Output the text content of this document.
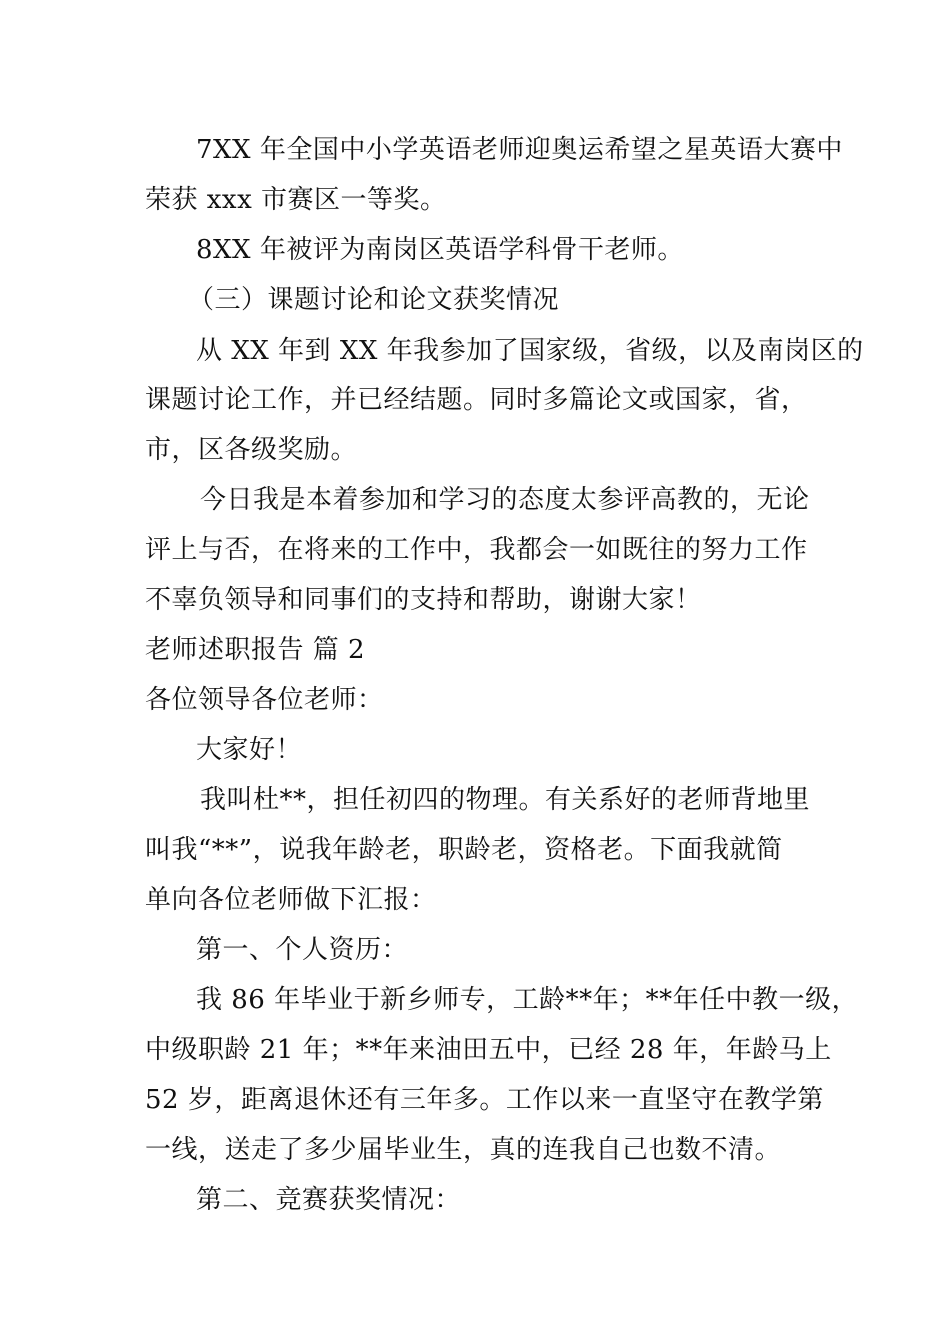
7XX 年全国中小学英语老师迎奥运希望之星英语大赛中
荣获 xxx 市赛区一等奖。
8XX 年被评为南岗区英语学科骨干老师。
（三）课题讨论和论文获奖情况
从 XX 年到 XX 年我参加了国家级，省级，以及南岗区的
课题讨论工作，并已经结题。同时多篇论文或国家，省，
市，区各级奖励。
今日我是本着参加和学习的态度太参评高教的，无论
评上与否，在将来的工作中，我都会一如既往的努力工作
不辜负领导和同事们的支持和帮助，谢谢大家！
老师述职报告 篇 2
各位领导各位老师：
大家好！
我叫杜**，担任初四的物理。有关系好的老师背地里
叫我“**”，说我年龄老，职龄老，资格老。下面我就简
单向各位老师做下汇报：
第一、个人资历：
我 86 年毕业于新乡师专，工龄**年；**年任中教一级，
中级职龄 21 年；**年来油田五中，已经 28 年，年龄马上
52 岁，距离退休还有三年多。工作以来一直坚守在教学第
一线，送走了多少届毕业生，真的连我自己也数不清。
第二、竞赛获奖情况：
